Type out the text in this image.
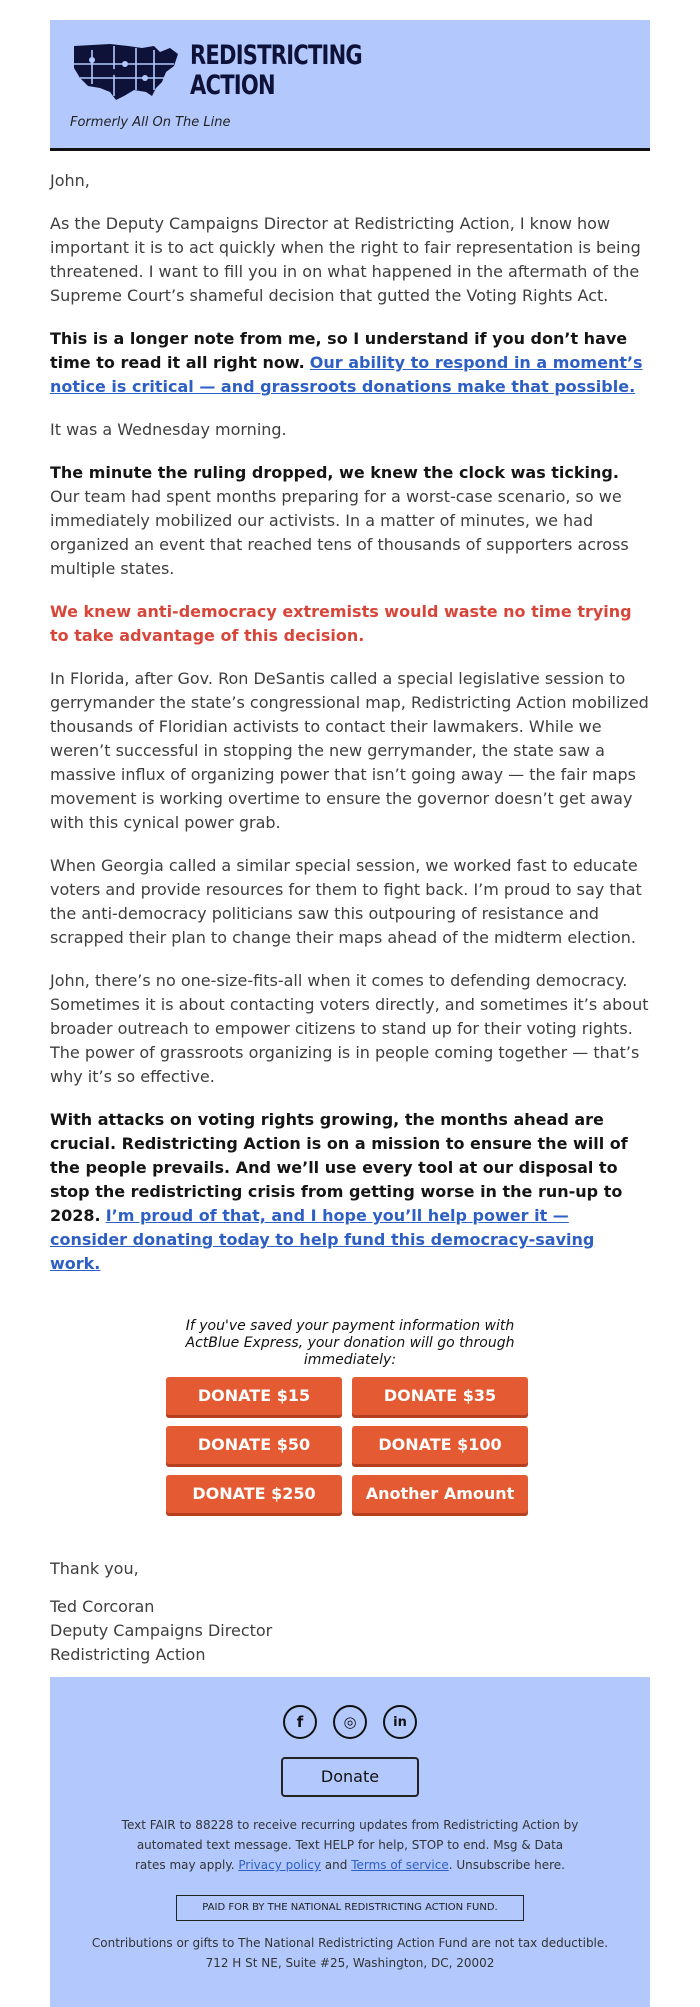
REDISTRICTING
ACTION
Formerly All On The Line

John,

As the Deputy Campaigns Director at Redistricting Action, I know how important it is to act quickly when the right to fair representation is being threatened. I want to fill you in on what happened in the aftermath of the Supreme Court’s shameful decision that gutted the Voting Rights Act.

This is a longer note from me, so I understand if you don’t have time to read it all right now. Our ability to respond in a moment’s notice is critical — and grassroots donations make that possible.

It was a Wednesday morning.

The minute the ruling dropped, we knew the clock was ticking. Our team had spent months preparing for a worst-case scenario, so we immediately mobilized our activists. In a matter of minutes, we had organized an event that reached tens of thousands of supporters across multiple states.

We knew anti-democracy extremists would waste no time trying to take advantage of this decision.

In Florida, after Gov. Ron DeSantis called a special legislative session to gerrymander the state’s congressional map, Redistricting Action mobilized thousands of Floridian activists to contact their lawmakers. While we weren’t successful in stopping the new gerrymander, the state saw a massive influx of organizing power that isn’t going away — the fair maps movement is working overtime to ensure the governor doesn’t get away with this cynical power grab.

When Georgia called a similar special session, we worked fast to educate voters and provide resources for them to fight back. I’m proud to say that the anti-democracy politicians saw this outpouring of resistance and scrapped their plan to change their maps ahead of the midterm election.

John, there’s no one-size-fits-all when it comes to defending democracy. Sometimes it is about contacting voters directly, and sometimes it’s about broader outreach to empower citizens to stand up for their voting rights. The power of grassroots organizing is in people coming together — that’s why it’s so effective.

With attacks on voting rights growing, the months ahead are crucial. Redistricting Action is on a mission to ensure the will of the people prevails. And we’ll use every tool at our disposal to stop the redistricting crisis from getting worse in the run-up to 2028. I’m proud of that, and I hope you’ll help power it — consider donating today to help fund this democracy-saving work.

If you've saved your payment information with ActBlue Express, your donation will go through immediately:
DONATE $15	DONATE $35
DONATE $50	DONATE $100
DONATE $250	Another Amount

Thank you,

Ted Corcoran
Deputy Campaigns Director
Redistricting Action

f	◎	in
Donate
Text FAIR to 88228 to receive recurring updates from Redistricting Action by automated text message. Text HELP for help, STOP to end. Msg & Data rates may apply. Privacy policy and Terms of service. Unsubscribe here.
PAID FOR BY THE NATIONAL REDISTRICTING ACTION FUND.
Contributions or gifts to The National Redistricting Action Fund are not tax deductible.
712 H St NE, Suite #25, Washington, DC, 20002
